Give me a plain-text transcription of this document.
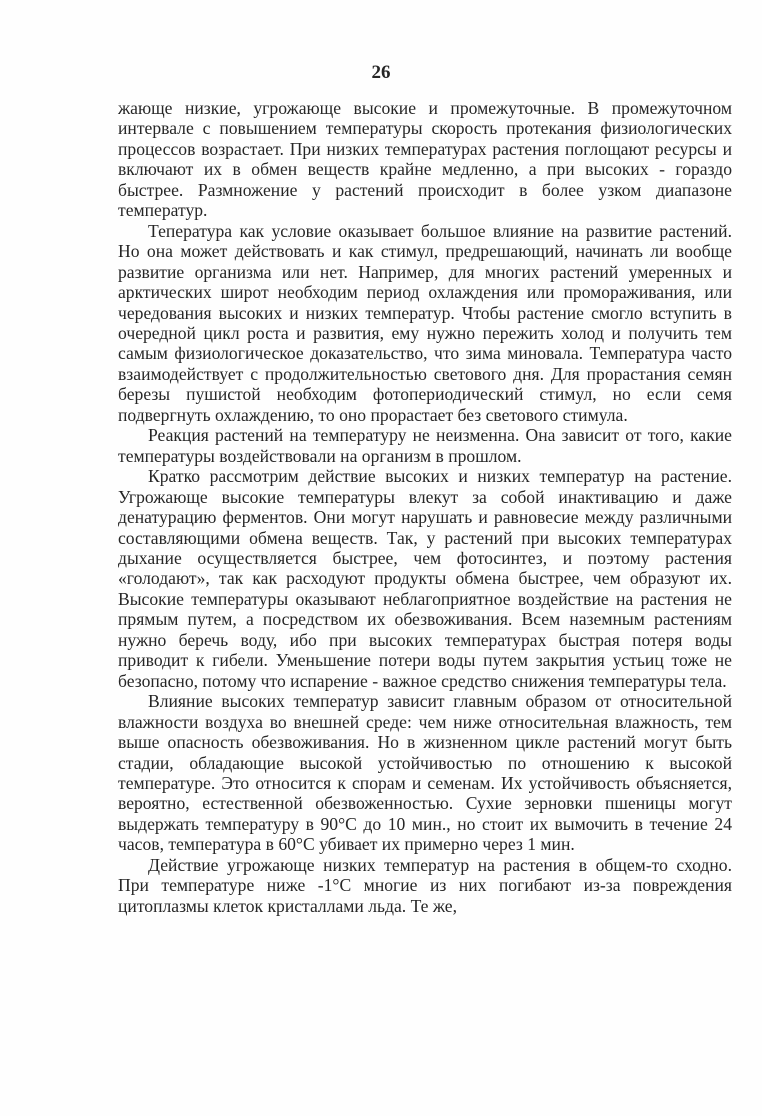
26

жающе низкие, угрожающе высокие и промежуточные. В промежуточном интервале с повышением температуры скорость протекания физиологических процессов возрастает. При низких температурах растения поглощают ресурсы и включают их в обмен веществ крайне медленно, а при высоких - гораздо быстрее. Размножение у растений происходит в более узком диапазоне температур.

Тепература как условие оказывает большое влияние на развитие растений. Но она может действовать и как стимул, предрешающий, начинать ли вообще развитие организма или нет. Например, для многих растений умеренных и арктических широт необходим период охлаждения или промораживания, или чередования высоких и низких температур. Чтобы растение смогло вступить в очередной цикл роста и развития, ему нужно пережить холод и получить тем самым физиологическое доказательство, что зима миновала. Температура часто взаимодействует с продолжительностью светового дня. Для прорастания семян березы пушистой необходим фотопериодический стимул, но если семя подвергнуть охлаждению, то оно прорастает без светового стимула.

Реакция растений на температуру не неизменна. Она зависит от того, какие температуры воздействовали на организм в прошлом.

Кратко рассмотрим действие высоких и низких температур на растение. Угрожающе высокие температуры влекут за собой инактивацию и даже денатурацию ферментов. Они могут нарушать и равновесие между различными составляющими обмена веществ. Так, у растений при высоких температурах дыхание осуществляется быстрее, чем фотосинтез, и поэтому растения «голодают», так как расходуют продукты обмена быстрее, чем образуют их. Высокие температуры оказывают неблагоприятное воздействие на растения не прямым путем, а посредством их обезвоживания. Всем наземным растениям нужно беречь воду, ибо при высоких температурах быстрая потеря воды приводит к гибели. Уменьшение потери воды путем закрытия устьиц тоже не безопасно, потому что испарение - важное средство снижения температуры тела.

Влияние высоких температур зависит главным образом от относительной влажности воздуха во внешней среде: чем ниже относительная влажность, тем выше опасность обезвоживания. Но в жизненном цикле растений могут быть стадии, обладающие высокой устойчивостью по отношению к высокой температуре. Это относится к спорам и семенам. Их устойчивость объясняется, вероятно, естественной обезвоженностью. Сухие зерновки пшеницы могут выдержать температуру в 90°С до 10 мин., но стоит их вымочить в течение 24 часов, температура в 60°С убивает их примерно через 1 мин.

Действие угрожающе низких температур на растения в общем-то сходно. При температуре ниже -1°С многие из них погибают из-за повреждения цитоплазмы клеток кристаллами льда. Те же,
